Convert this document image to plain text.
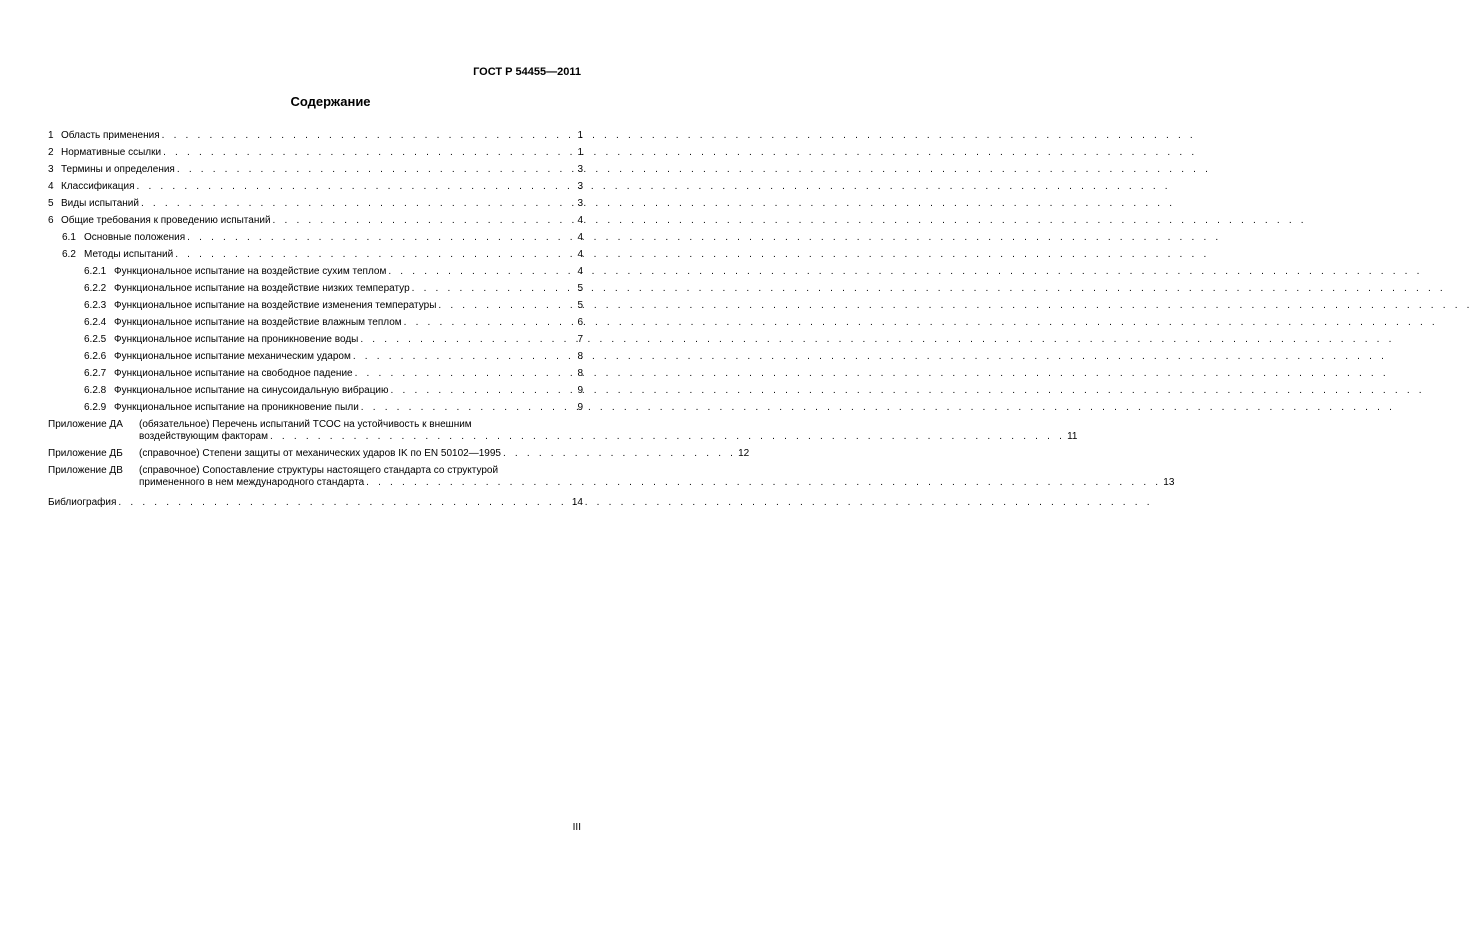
ГОСТ Р 54455—2011
Содержание
1 Область применения . . .	1
2 Нормативные ссылки . . .	1
3 Термины и определения . . .	3
4 Классификация . . .	3
5 Виды испытаний . . .	3
6 Общие требования к проведению испытаний . . .	4
6.1 Основные положения . . .	4
6.2 Методы испытаний . . .	4
6.2.1 Функциональное испытание на воздействие сухим теплом . . .	4
6.2.2 Функциональное испытание на воздействие низких температур . . .	5
6.2.3 Функциональное испытание на воздействие изменения температуры . . .	5
6.2.4 Функциональное испытание на воздействие влажным теплом . . .	6
6.2.5 Функциональное испытание на проникновение воды . . .	7
6.2.6 Функциональное испытание механическим ударом . . .	8
6.2.7 Функциональное испытание на свободное падение . . .	8
6.2.8 Функциональное испытание на синусоидальную вибрацию . . .	9
6.2.9 Функциональное испытание на проникновение пыли . . .	9
Приложение ДА	(обязательное) Перечень испытаний ТСОС на устойчивость к внешним
воздействующим факторам . . .	11
Приложение ДБ	(справочное) Степени защиты от механических ударов IK по EN 50102—1995 . . .	12
Приложение ДВ	(справочное) Сопоставление структуры настоящего стандарта со структурой
примененного в нем международного стандарта . . .	13
Библиография . . .	14
III
